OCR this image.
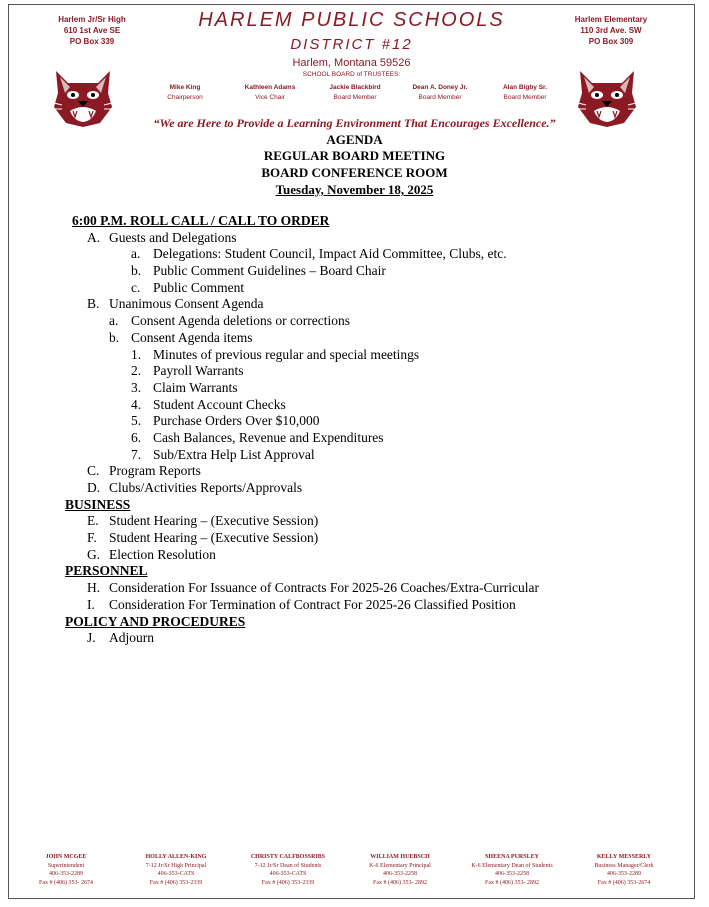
Harlem Jr/Sr High
610 1st Ave SE
PO Box 339
Harlem Elementary
110 3rd Ave. SW
PO Box 309
HARLEM PUBLIC SCHOOLS
DISTRICT #12
Harlem, Montana 59526
SCHOOL BOARD of TRUSTEES:
Mike King
Chairperson
Kathleen Adams
Vice Chair
Jackie Blackbird
Board Member
Dean A. Doney Jr.
Board Member
Alan Bigby Sr.
Board Member
“We are Here to Provide a Learning Environment That Encourages Excellence.”
AGENDA
REGULAR BOARD MEETING
BOARD CONFERENCE ROOM
Tuesday, November 18, 2025
6:00 P.M. ROLL CALL / CALL TO ORDER
A. Guests and Delegations
a. Delegations: Student Council, Impact Aid Committee, Clubs, etc.
b. Public Comment Guidelines – Board Chair
c. Public Comment
B. Unanimous Consent Agenda
a. Consent Agenda deletions or corrections
b. Consent Agenda items
1. Minutes of previous regular and special meetings
2. Payroll Warrants
3. Claim Warrants
4. Student Account Checks
5. Purchase Orders Over $10,000
6. Cash Balances, Revenue and Expenditures
7. Sub/Extra Help List Approval
C. Program Reports
D. Clubs/Activities Reports/Approvals
BUSINESS
E. Student Hearing – (Executive Session)
F. Student Hearing – (Executive Session)
G. Election Resolution
PERSONNEL
H. Consideration For Issuance of Contracts For 2025-26 Coaches/Extra-Curricular
I. Consideration For Termination of Contract For 2025-26 Classified Position
POLICY AND PROCEDURES
J. Adjourn
JOHN MCGEE
Superintendent
406-353-2289
Fax # (406) 353- 2674
HOLLY ALLEN-KING
7-12 Jr/Sr High Principal
406-353-CATS
Fax # (406) 353-2339
CHRISTY CALFBOSSRIBS
7-12 Jr/Sr Dean of Students
406-353-CATS
Fax # (406) 353-2339
WILLIAM HUEBSCH
K-6 Elementary Principal
406-353-2258
Fax # (406) 353- 2892
SHEENA PURSLEY
K-6 Elementary Dean of Students
406-353-2258
Fax # (406) 353- 2892
KELLY MESSERLY
Business Manager/Clerk
406-353-2289
Fax # (406) 353-2674
